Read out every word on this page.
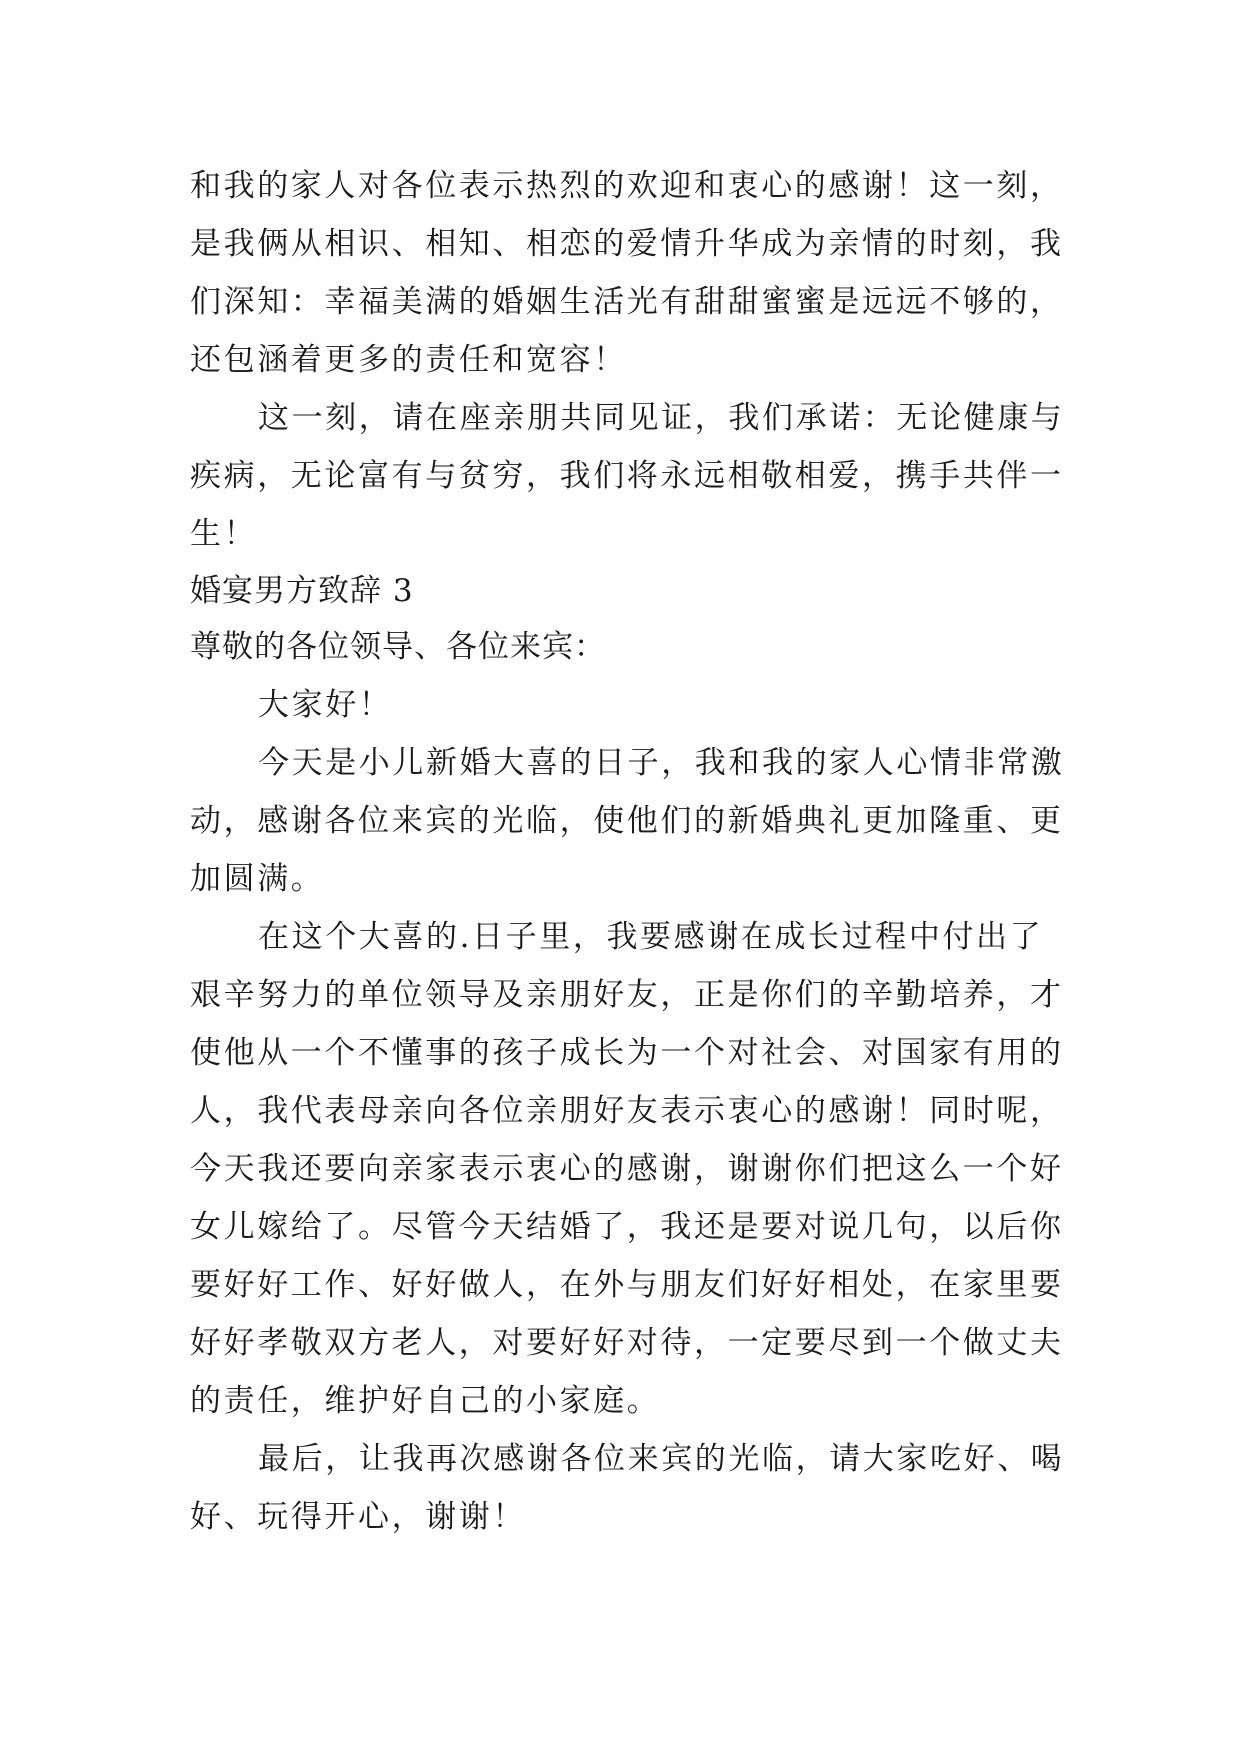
和我的家人对各位表示热烈的欢迎和衷心的感谢！这一刻，
是我俩从相识、相知、相恋的爱情升华成为亲情的时刻，我
们深知：幸福美满的婚姻生活光有甜甜蜜蜜是远远不够的，
还包涵着更多的责任和宽容！
这一刻，请在座亲朋共同见证，我们承诺：无论健康与
疾病，无论富有与贫穷，我们将永远相敬相爱，携手共伴一
生！
婚宴男方致辞 3
尊敬的各位领导、各位来宾：
大家好！
今天是小儿新婚大喜的日子，我和我的家人心情非常激
动，感谢各位来宾的光临，使他们的新婚典礼更加隆重、更
加圆满。
在这个大喜的.日子里，我要感谢在成长过程中付出了
艰辛努力的单位领导及亲朋好友，正是你们的辛勤培养，才
使他从一个不懂事的孩子成长为一个对社会、对国家有用的
人，我代表母亲向各位亲朋好友表示衷心的感谢！同时呢，
今天我还要向亲家表示衷心的感谢，谢谢你们把这么一个好
女儿嫁给了。尽管今天结婚了，我还是要对说几句，以后你
要好好工作、好好做人，在外与朋友们好好相处，在家里要
好好孝敬双方老人，对要好好对待，一定要尽到一个做丈夫
的责任，维护好自己的小家庭。
最后，让我再次感谢各位来宾的光临，请大家吃好、喝
好、玩得开心，谢谢！
